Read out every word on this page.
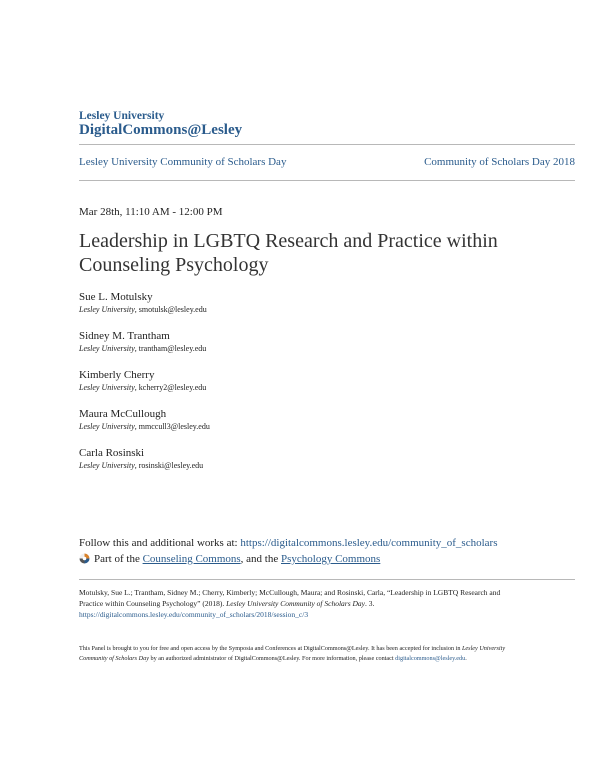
Lesley University
DigitalCommons@Lesley
Lesley University Community of Scholars Day	Community of Scholars Day 2018
Mar 28th, 11:10 AM - 12:00 PM
Leadership in LGBTQ Research and Practice within Counseling Psychology
Sue L. Motulsky
Lesley University, smotulsk@lesley.edu
Sidney M. Trantham
Lesley University, trantham@lesley.edu
Kimberly Cherry
Lesley University, kcherry2@lesley.edu
Maura McCullough
Lesley University, mmccull3@lesley.edu
Carla Rosinski
Lesley University, rosinski@lesley.edu
Follow this and additional works at: https://digitalcommons.lesley.edu/community_of_scholars
Part of the Counseling Commons, and the Psychology Commons
Motulsky, Sue L.; Trantham, Sidney M.; Cherry, Kimberly; McCullough, Maura; and Rosinski, Carla, “Leadership in LGBTQ Research and Practice within Counseling Psychology” (2018). Lesley University Community of Scholars Day. 3.
https://digitalcommons.lesley.edu/community_of_scholars/2018/session_c/3
This Panel is brought to you for free and open access by the Symposia and Conferences at DigitalCommons@Lesley. It has been accepted for inclusion in Lesley University Community of Scholars Day by an authorized administrator of DigitalCommons@Lesley. For more information, please contact digitalcommons@lesley.edu.
